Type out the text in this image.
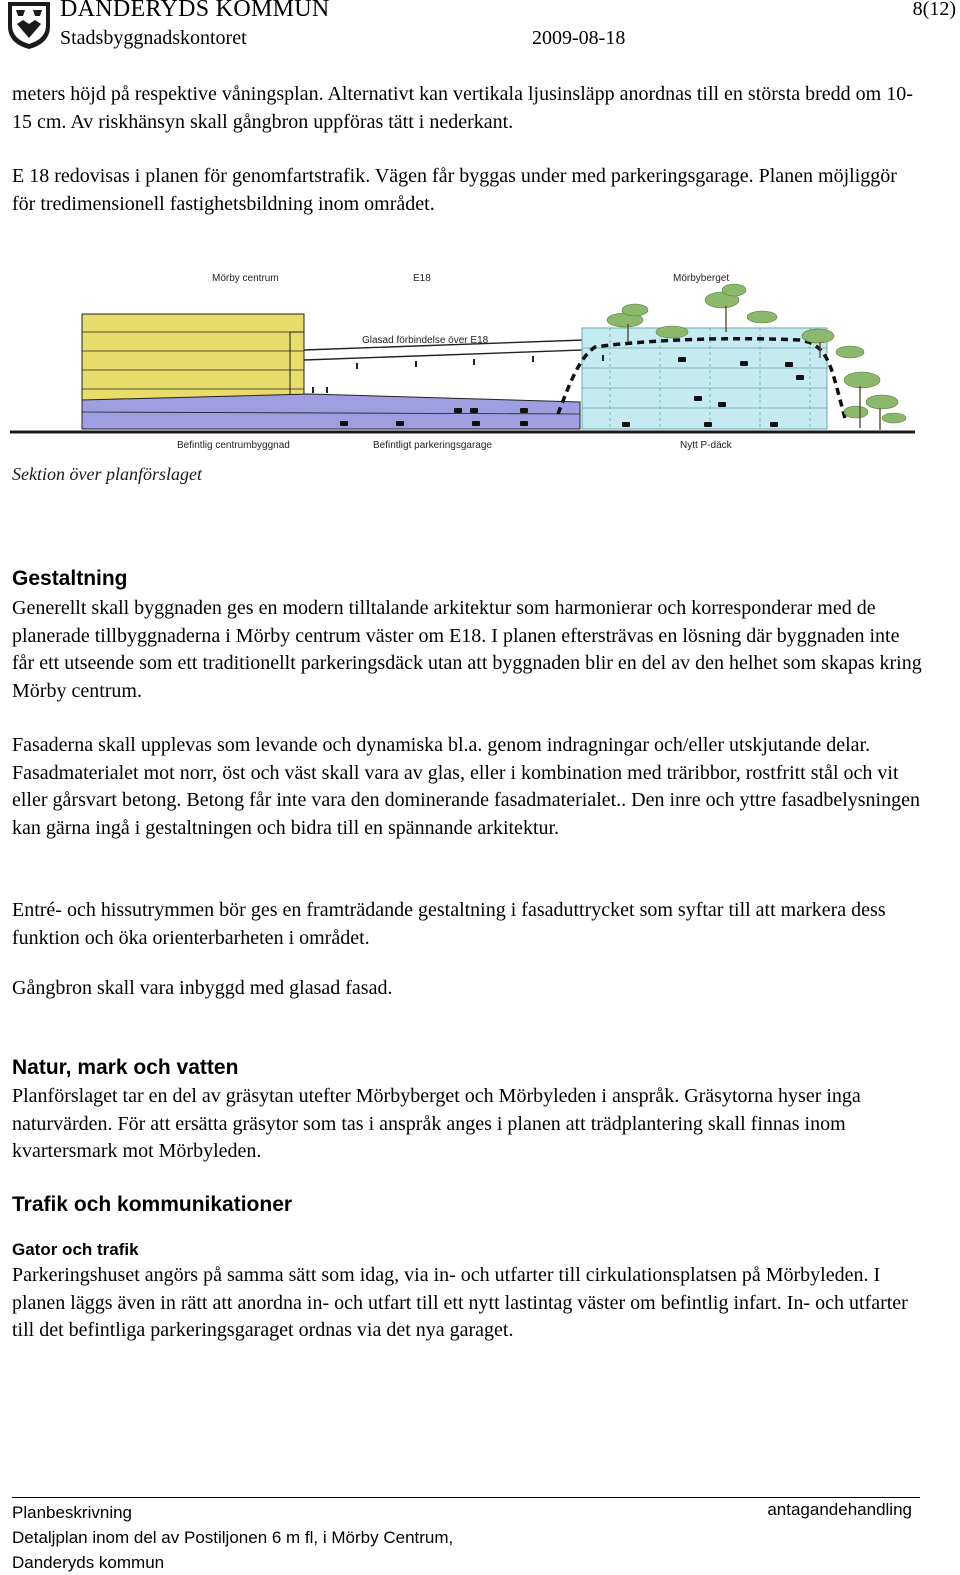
DANDERYDS KOMMUN
Stadsbyggnadskontoret	2009-08-18
8(12)
meters höjd på respektive våningsplan. Alternativt kan vertikala ljusinsläpp anordnas till en största bredd om 10- 15 cm. Av riskhänsyn skall gångbron uppföras tätt i nederkant.
E 18 redovisas i planen för genomfartstrafik. Vägen får byggas under med parkeringsgarage. Planen möjliggör för tredimensionell fastighetsbildning inom området.
Mörby centrum	E18	Mörbyberget
Glasad förbindelse över E18
Befintlig centrumbyggnad	Befintligt parkeringsgarage	Nytt P-däck
Sektion över planförslaget
Gestaltning
Generellt skall byggnaden ges en modern tilltalande arkitektur som harmonierar och korresponderar med de planerade tillbyggnaderna i Mörby centrum väster om E18. I planen eftersträvas en lösning där byggnaden inte får ett utseende som ett traditionellt parkeringsdäck utan att byggnaden blir en del av den helhet som skapas kring Mörby centrum.
Fasaderna skall upplevas som levande och dynamiska bl.a. genom indragningar och/eller utskjutande delar. Fasadmaterialet mot norr, öst och väst skall vara av glas, eller i kombination med träribbor, rostfritt stål och vit eller gårsvart betong. Betong får inte vara den dominerande fasadmaterialet.. Den inre och yttre fasadbelysningen kan gärna ingå i gestaltningen och bidra till en spännande arkitektur.
Entré- och hissutrymmen bör ges en framträdande gestaltning i fasaduttrycket som syftar till att markera dess funktion och öka orienterbarheten i området.
Gångbron skall vara inbyggd med glasad fasad.
Natur, mark och vatten
Planförslaget tar en del av gräsytan utefter Mörbyberget och Mörbyleden i anspråk. Gräsytorna hyser inga naturvärden. För att ersätta gräsytor som tas i anspråk anges i planen att trädplantering skall finnas inom kvartersmark mot Mörbyleden.
Trafik och kommunikationer
Gator och trafik
Parkeringshuset angörs på samma sätt som idag, via in- och utfarter till cirkulationsplatsen på Mörbyleden. I planen läggs även in rätt att anordna in- och utfart till ett nytt lastintag väster om befintlig infart. In- och utfarter till det befintliga parkeringsgaraget ordnas via det nya garaget.
Planbeskrivning
Detaljplan inom del av Postiljonen 6 m fl, i Mörby Centrum,
Danderyds kommun
antagandehandling
